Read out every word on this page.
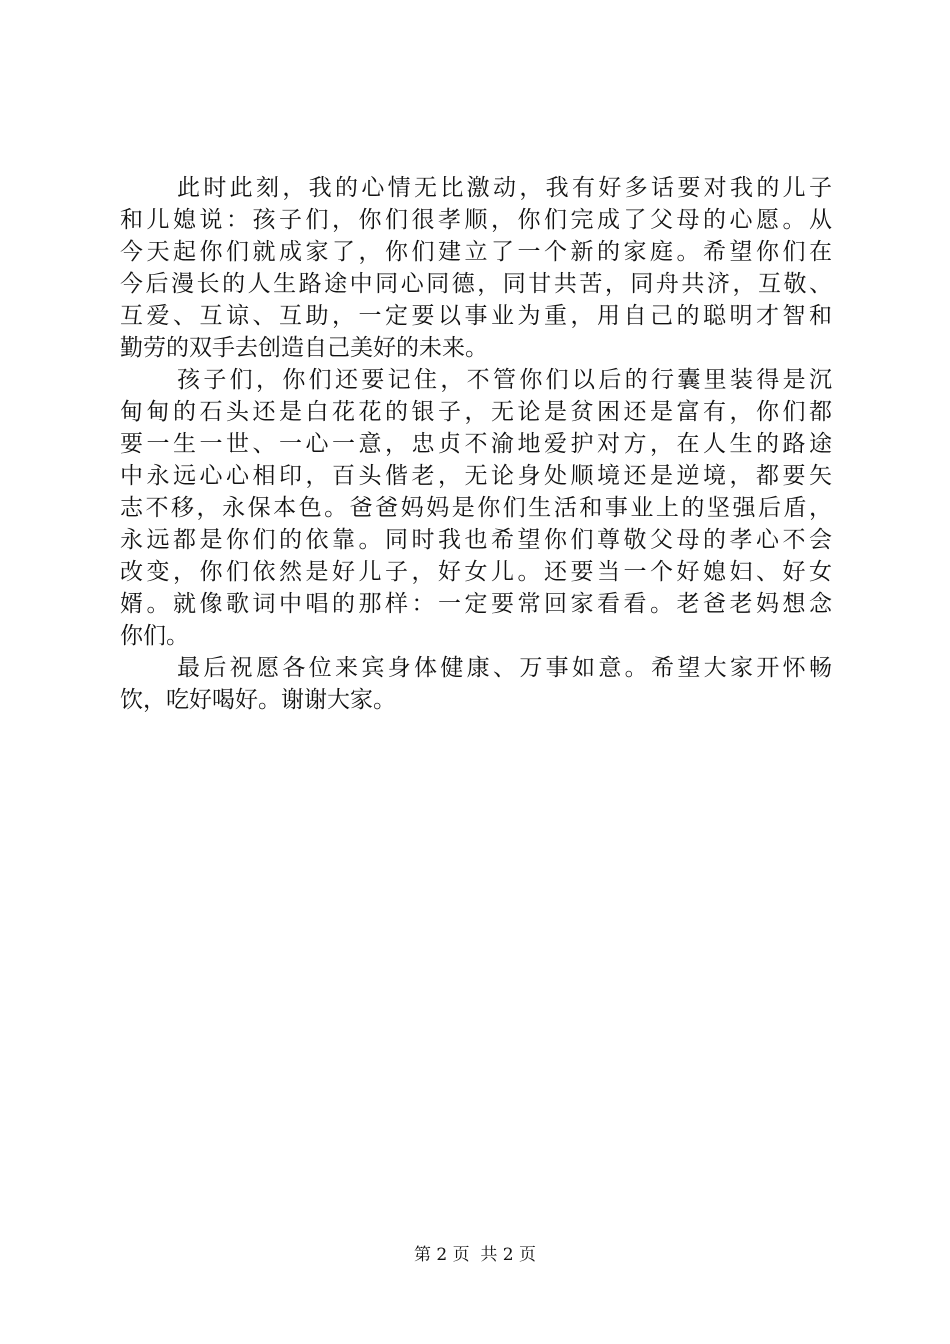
此时此刻，我的心情无比激动，我有好多话要对我的儿子
和儿媳说：孩子们，你们很孝顺，你们完成了父母的心愿。从
今天起你们就成家了，你们建立了一个新的家庭。希望你们在
今后漫长的人生路途中同心同德，同甘共苦，同舟共济，互敬、
互爱、互谅、互助，一定要以事业为重，用自己的聪明才智和
勤劳的双手去创造自己美好的未来。
孩子们，你们还要记住，不管你们以后的行囊里装得是沉
甸甸的石头还是白花花的银子，无论是贫困还是富有，你们都
要一生一世、一心一意，忠贞不渝地爱护对方，在人生的路途
中永远心心相印，百头偕老，无论身处顺境还是逆境，都要矢
志不移，永保本色。爸爸妈妈是你们生活和事业上的坚强后盾，
永远都是你们的依靠。同时我也希望你们尊敬父母的孝心不会
改变，你们依然是好儿子，好女儿。还要当一个好媳妇、好女
婿。就像歌词中唱的那样：一定要常回家看看。老爸老妈想念
你们。
最后祝愿各位来宾身体健康、万事如意。希望大家开怀畅
饮，吃好喝好。谢谢大家。
第 2 页  共 2 页
